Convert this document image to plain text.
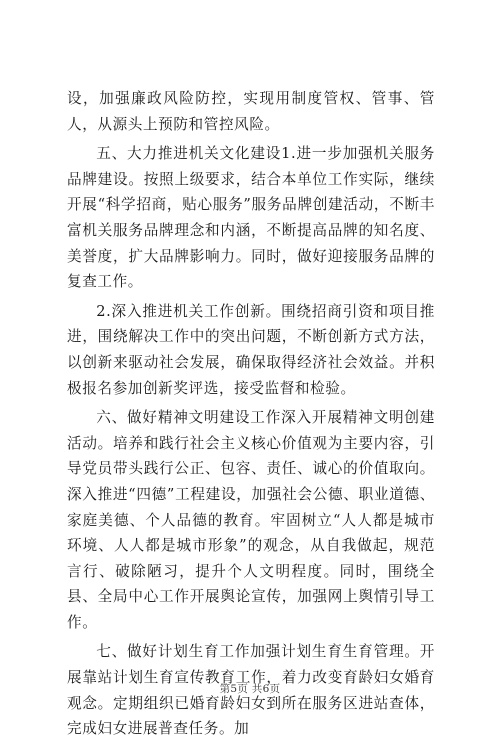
设，加强廉政风险防控，实现用制度管权、管事、管人，从源头上预防和管控风险。

五、大力推进机关文化建设1.进一步加强机关服务品牌建设。按照上级要求，结合本单位工作实际，继续开展“科学招商，贴心服务”服务品牌创建活动，不断丰富机关服务品牌理念和内涵，不断提高品牌的知名度、美誉度，扩大品牌影响力。同时，做好迎接服务品牌的复查工作。

2.深入推进机关工作创新。围绕招商引资和项目推进，围绕解决工作中的突出问题，不断创新方式方法，以创新来驱动社会发展，确保取得经济社会效益。并积极报名参加创新奖评选，接受监督和检验。

六、做好精神文明建设工作深入开展精神文明创建活动。培养和践行社会主义核心价值观为主要内容，引导党员带头践行公正、包容、责任、诚心的价值取向。深入推进“四德”工程建设，加强社会公德、职业道德、家庭美德、个人品德的教育。牢固树立“人人都是城市环境、人人都是城市形象”的观念，从自我做起，规范言行、破除陋习，提升个人文明程度。同时，围绕全县、全局中心工作开展舆论宣传，加强网上舆情引导工作。

七、做好计划生育工作加强计划生育生育管理。开展靠站计划生育宣传教育工作，着力改变育龄妇女婚育观念。定期组织已婚育龄妇女到所在服务区进站查体，完成妇女进展普查任务。加

第5页 共6页
